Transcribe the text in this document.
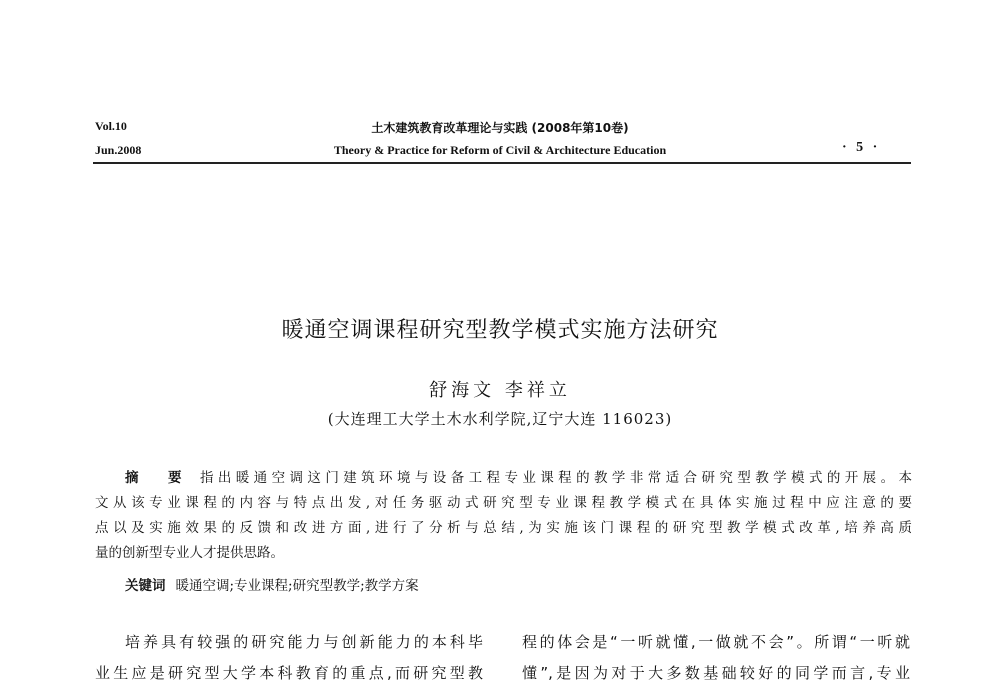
Vol.10
Jun.2008
土木建筑教育改革理论与实践 (2008年第10卷)
Theory & Practice for Reform of Civil & Architecture Education	· 5 ·
暖通空调课程研究型教学模式实施方法研究
舒海文 李祥立
(大连理工大学土木水利学院,辽宁大连 116023)
摘 要 指出暖通空调这门建筑环境与设备工程专业课程的教学非常适合研究型教学模式的开展。本
文从该专业课程的内容与特点出发,对任务驱动式研究型专业课程教学模式在具体实施过程中应注意的要
点以及实施效果的反馈和改进方面,进行了分析与总结,为实施该门课程的研究型教学模式改革,培养高质
量的创新型专业人才提供思路。
关键词 暖通空调;专业课程;研究型教学;教学方案
培养具有较强的研究能力与创新能力的本科毕
业生应是研究型大学本科教育的重点,而研究型教
程的体会是“一听就懂,一做就不会”。所谓“一听就
懂”,是因为对于大多数基础较好的同学而言,专业
